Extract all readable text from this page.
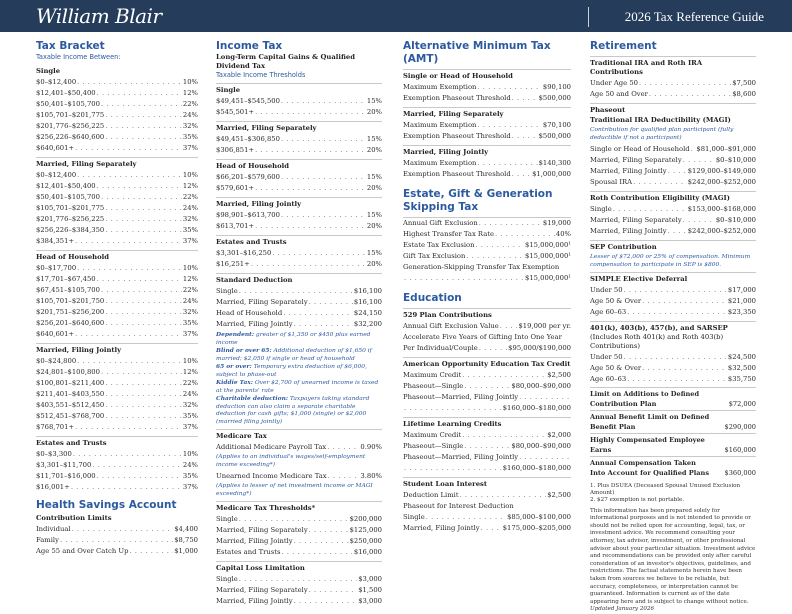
William Blair	2026 Tax Reference Guide
Tax Bracket
Taxable Income Between:
Single
$0–$12,400 . . .	10%
$12,401–$50,400 . . .	12%
$50,401–$105,700 . . .	22%
$105,701–$201,775 . . .	24%
$201,776–$256,225 . . .	32%
$256,226–$640,600 . . .	35%
$640,601+ . . .	37%
Married, Filing Separately
$0–$12,400 . . .	10%
$12,401–$50,400 . . .	12%
$50,401–$105,700 . . .	22%
$105,701–$201,775 . . .	24%
$201,776–$256,225 . . .	32%
$256,226–$384,350 . . .	35%
$384,351+ . . .	37%
Head of Household
$0–$17,700 . . .	10%
$17,701–$67,450 . . .	12%
$67,451–$105,700 . . .	22%
$105,701–$201,750 . . .	24%
$201,751–$256,200 . . .	32%
$256,201–$640,600 . . .	35%
$640,601+ . . .	37%
Married, Filing Jointly
$0–$24,800 . . .	10%
$24,801–$100,800 . . .	12%
$100,801–$211,400 . . .	22%
$211,401–$403,550 . . .	24%
$403,551–$512,450 . . .	32%
$512,451–$768,700 . . .	35%
$768,701+ . . .	37%
Estates and Trusts
$0–$3,300 . . .	10%
$3,301–$11,700 . . .	24%
$11,701–$16,000 . . .	35%
$16,001+ . . .	37%
Health Savings Account
Contribution Limits
Individual . . .	$4,400
Family . . .	$8,750
Age 55 and Over Catch Up . . .	$1,000
Income Tax
Long-Term Capital Gains & Qualified Dividend Tax
Taxable Income Thresholds
Single
$49,451–$545,500 . . .	15%
$545,501+ . . .	20%
Married, Filing Separately
$49,451–$306,850 . . .	15%
$306,851+ . . .	20%
Head of Household
$66,201–$579,600 . . .	15%
$579,601+ . . .	20%
Married, Filing Jointly
$98,901–$613,700 . . .	15%
$613,701+ . . .	20%
Estates and Trusts
$3,301–$16,250 . . .	15%
$16,251+ . . .	20%
Standard Deduction
Single . . .	$16,100
Married, Filing Separately . . .	$16,100
Head of Household . . .	$24,150
Married, Filing Jointly . . .	$32,200
Dependent: greater of $1,350 or $450 plus earned income
Blind or over 65: Additional deduction of $1,650 if married; $2,050 if single or head of household
65 or over: Temporary extra deduction of $6,000, subject to phase-out
Kiddie Tax: Over $2,700 of unearned income is taxed at the parents' rate
Charitable deduction: Taxpayers taking standard deduction can also claim a separate charitable deduction for cash gifts; $1,000 (single) or $2,000 (married filing jointly)
Medicare Tax
Additional Medicare Payroll Tax . . .	0.90%
(Applies to an individual's wages/self-employment income exceeding*)
Unearned Income Medicare Tax . . .	3.80%
(Applies to lesser of net investment income or MAGI exceeding*)
Medicare Tax Thresholds*
Single . . .	$200,000
Married, Filing Separately . . .	$125,000
Married, Filing Jointly . . .	$250,000
Estates and Trusts . . .	$16,000
Capital Loss Limitation
Single . . .	$3,000
Married, Filing Separately . . .	$1,500
Married, Filing Jointly . . .	$3,000
Alternative Minimum Tax (AMT)
Single or Head of Household
Maximum Exemption . . .	$90,100
Exemption Phaseout Threshold . . .	$500,000
Married, Filing Separately
Maximum Exemption . . .	$70,100
Exemption Phaseout Threshold . . .	$500,000
Married, Filing Jointly
Maximum Exemption . . .	$140,300
Exemption Phaseout Threshold . . .	$1,000,000
Estate, Gift & Generation Skipping Tax
Annual Gift Exclusion . . .	$19,000
Highest Transfer Tax Rate . . .	40%
Estate Tax Exclusion . . .	$15,000,000¹
Gift Tax Exclusion . . .	$15,000,000¹
Generation-Skipping Transfer Tax Exemption
. . .
$15,000,000¹
Education
529 Plan Contributions
Annual Gift Exclusion Value . . .	$19,000 per yr.
Accelerate Five Years of Gifting Into One Year
Per Individual/Couple . . .	$95,000/$190,000
American Opportunity Education Tax Credit
Maximum Credit . . .	$2,500
Phaseout—Single . . .	$80,000–$90,000
Phaseout—Married, Filing Jointly
. . .
. . .
$160,000–$180,000
Lifetime Learning Credits
Maximum Credit . . .	$2,000
Phaseout—Single . . .	$80,000–$90,000
Phaseout—Married, Filing Jointly
. . .
. . .
$160,000–$180,000
Student Loan Interest
Deduction Limit . . .	$2,500
Phaseout for Interest Deduction
Single . . .	$85,000–$100,000
Married, Filing Jointly . . .	$175,000–$205,000
Retirement
Traditional IRA and Roth IRA Contributions
Under Age 50 . . .	$7,500
Age 50 and Over . . .	$8,600
Phaseout
Traditional IRA Deductibility (MAGI)
Contribution for qualified plan participant (fully deductible if not a participant)
Single or Head of Household . . . $81,000–$91,000
Married, Filing Separately . . .	$0–$10,000
Married, Filing Jointly . . .	$129,000–$149,000
Spousal IRA . . .	$242,000–$252,000
Roth Contribution Eligibility (MAGI)
Single . . .	$153,000–$168,000
Married, Filing Separately . . .	$0–$10,000
Married, Filing Jointly . . .	$242,000–$252,000
SEP Contribution
Lesser of $72,000 or 25% of compensation. Minimum compensation to participate in SEP is $800.
SIMPLE Elective Deferral
Under 50 . . .	$17,000
Age 50 & Over . . .	$21,000
Age 60–63 . . .	$23,350
401(k), 403(b), 457(b), and SARSEP (Includes Roth 401(k) and Roth 403(b) Contributions)
Under 50 . . .	$24,500
Age 50 & Over . . .	$32,500
Age 60–63 . . .	$35,750
Limit on Additions to Defined Contribution Plan	$72,000
Annual Benefit Limit on Defined Benefit Plan	$290,000
Highly Compensated Employee Earns	$160,000
Annual Compensation Taken Into Account for Qualified Plans $360,000
1. Plus DSUEA (Deceased Spousal Unused Exclusion Amount)
2. $27 exemption is not portable.
This information has been prepared solely for informational purposes and is not intended to provide or should not be relied upon for accounting, legal, tax, or investment advice. We recommend consulting your attorney, tax advisor, investment, or other professional advisor about your particular situation. Investment advice and recommendations can be provided only after careful consideration of an investor's objectives, guidelines, and restrictions. The factual statements herein have been taken from sources we believe to be reliable, but accuracy, completeness, or interpretation cannot be guaranteed. Information is current as of the date appearing here and is subject to change without notice.
Updated January 2026
